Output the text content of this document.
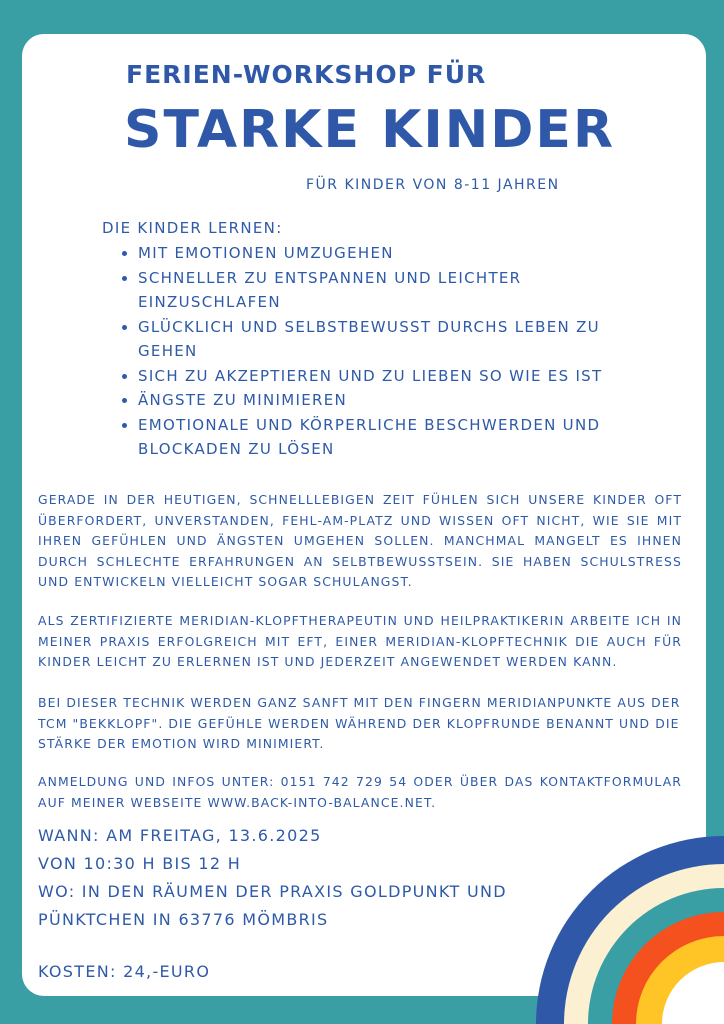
FERIEN-WORKSHOP FÜR
STARKE KINDER
FÜR KINDER VON 8-11 JAHREN
DIE KINDER LERNEN:
• MIT EMOTIONEN UMZUGEHEN
• SCHNELLER ZU ENTSPANNEN UND LEICHTER EINZUSCHLAFEN
• GLÜCKLICH UND SELBSTBEWUSST DURCHS LEBEN ZU GEHEN
• SICH ZU AKZEPTIEREN UND ZU LIEBEN SO WIE ES IST
• ÄNGSTE ZU MINIMIEREN
• EMOTIONALE UND KÖRPERLICHE BESCHWERDEN UND BLOCKADEN ZU LÖSEN

GERADE IN DER HEUTIGEN, SCHNELLLEBIGEN ZEIT FÜHLEN SICH UNSERE KINDER OFT ÜBERFORDERT, UNVERSTANDEN, FEHL-AM-PLATZ UND WISSEN OFT NICHT, WIE SIE MIT IHREN GEFÜHLEN UND ÄNGSTEN UMGEHEN SOLLEN. MANCHMAL MANGELT ES IHNEN DURCH SCHLECHTE ERFAHRUNGEN AN SELBTBEWUSSTSEIN. SIE HABEN SCHULSTRESS UND ENTWICKELN VIELLEICHT SOGAR SCHULANGST.

ALS ZERTIFIZIERTE MERIDIAN-KLOPFTHERAPEUTIN UND HEILPRAKTIKERIN ARBEITE ICH IN MEINER PRAXIS ERFOLGREICH MIT EFT, EINER MERIDIAN-KLOPFTECHNIK DIE AUCH FÜR KINDER LEICHT ZU ERLERNEN IST UND JEDERZEIT ANGEWENDET WERDEN KANN.

BEI DIESER TECHNIK WERDEN GANZ SANFT MIT DEN FINGERN MERIDIANPUNKTE AUS DER TCM "BEKKLOPF". DIE GEFÜHLE WERDEN WÄHREND DER KLOPFRUNDE BENANNT UND DIE STÄRKE DER EMOTION WIRD MINIMIERT.

ANMELDUNG UND INFOS UNTER: 0151 742 729 54 ODER ÜBER DAS KONTAKTFORMULAR AUF MEINER WEBSEITE WWW.BACK-INTO-BALANCE.NET.

WANN: AM FREITAG, 13.6.2025
VON 10:30 H BIS 12 H
WO: IN DEN RÄUMEN DER PRAXIS GOLDPUNKT UND PÜNKTCHEN IN 63776 MÖMBRIS
KOSTEN: 24,-EURO
